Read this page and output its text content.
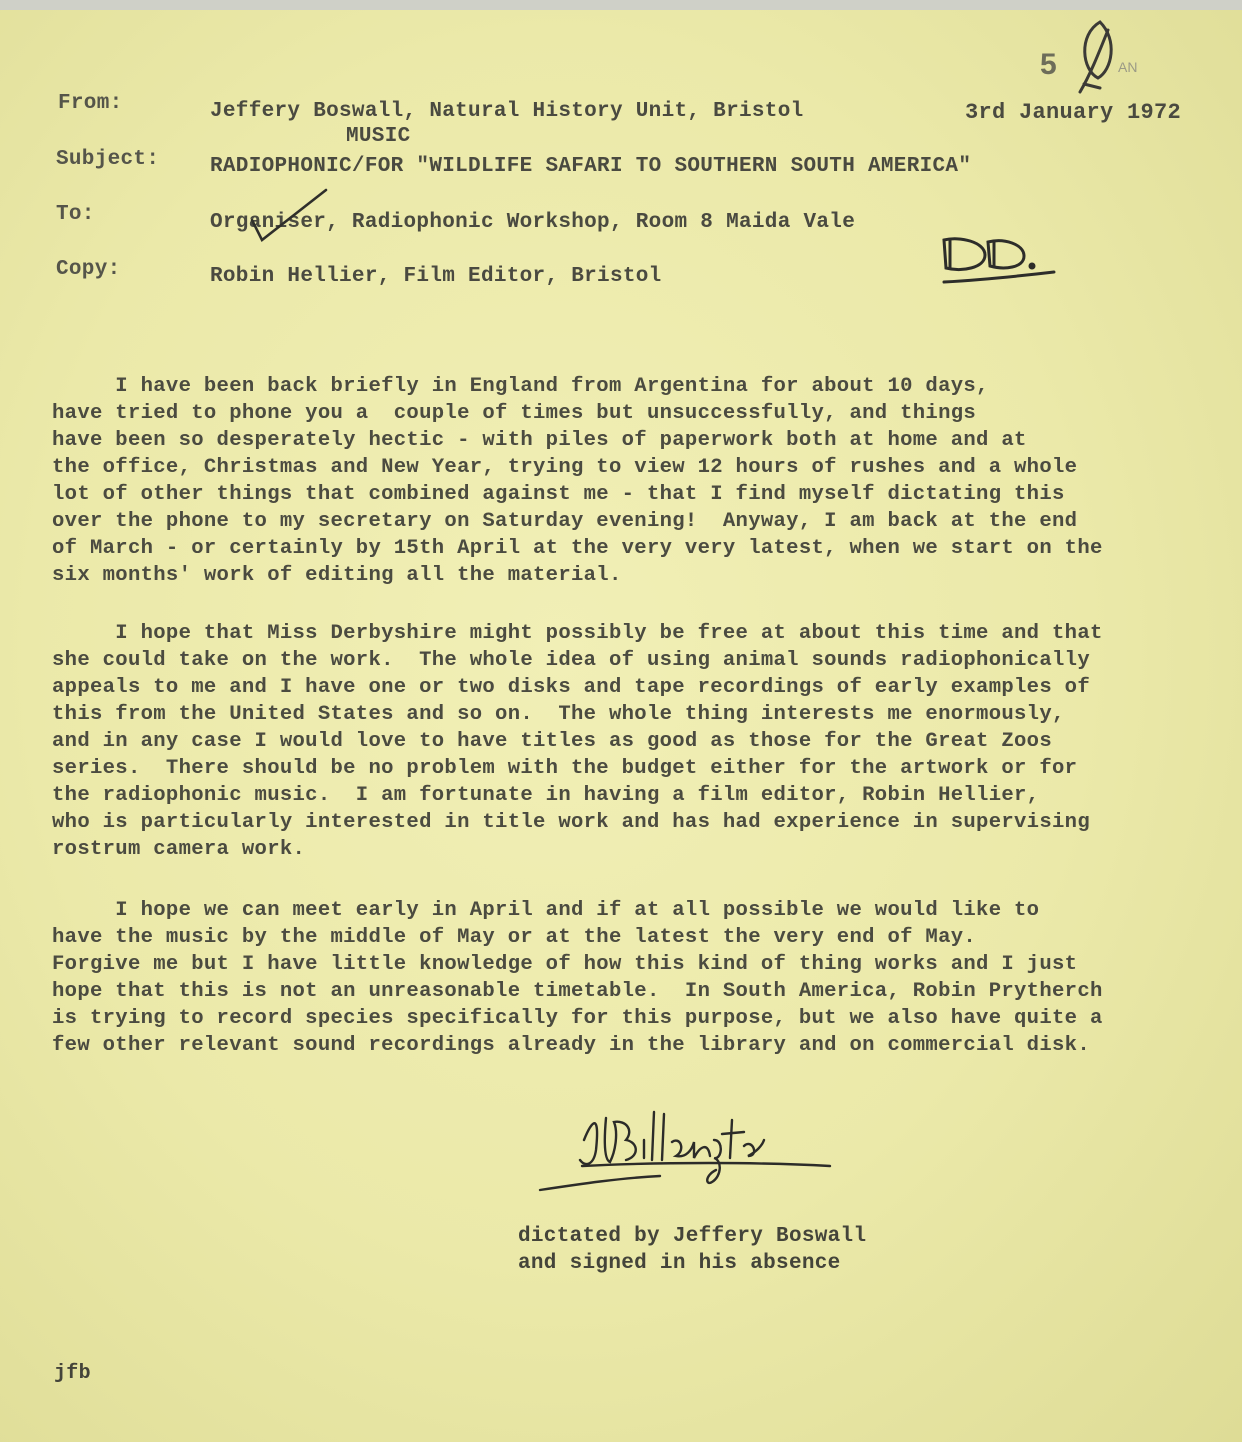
5
From:	Jeffery Boswall, Natural History Unit, Bristol	3rd January 1972
MUSIC
Subject: RADIOPHONIC/FOR "WILDLIFE SAFARI TO SOUTHERN SOUTH AMERICA"
To:	Organiser, Radiophonic Workshop, Room 8 Maida Vale
Copy:	Robin Hellier, Film Editor, Bristol
I have been back briefly in England from Argentina for about 10 days,
have tried to phone you a  couple of times but unsuccessfully, and things
have been so desperately hectic - with piles of paperwork both at home and at
the office, Christmas and New Year, trying to view 12 hours of rushes and a whole
lot of other things that combined against me - that I find myself dictating this
over the phone to my secretary on Saturday evening!  Anyway, I am back at the end
of March - or certainly by 15th April at the very very latest, when we start on the
six months' work of editing all the material.
I hope that Miss Derbyshire might possibly be free at about this time and that
she could take on the work.  The whole idea of using animal sounds radiophonically
appeals to me and I have one or two disks and tape recordings of early examples of
this from the United States and so on.  The whole thing interests me enormously,
and in any case I would love to have titles as good as those for the Great Zoos
series.  There should be no problem with the budget either for the artwork or for
the radiophonic music.  I am fortunate in having a film editor, Robin Hellier,
who is particularly interested in title work and has had experience in supervising
rostrum camera work.
I hope we can meet early in April and if at all possible we would like to
have the music by the middle of May or at the latest the very end of May.
Forgive me but I have little knowledge of how this kind of thing works and I just
hope that this is not an unreasonable timetable.  In South America, Robin Prytherch
is trying to record species specifically for this purpose, but we also have quite a
few other relevant sound recordings already in the library and on commercial disk.
dictated by Jeffery Boswall
and signed in his absence
jfb
AN
DD.
J Billington
